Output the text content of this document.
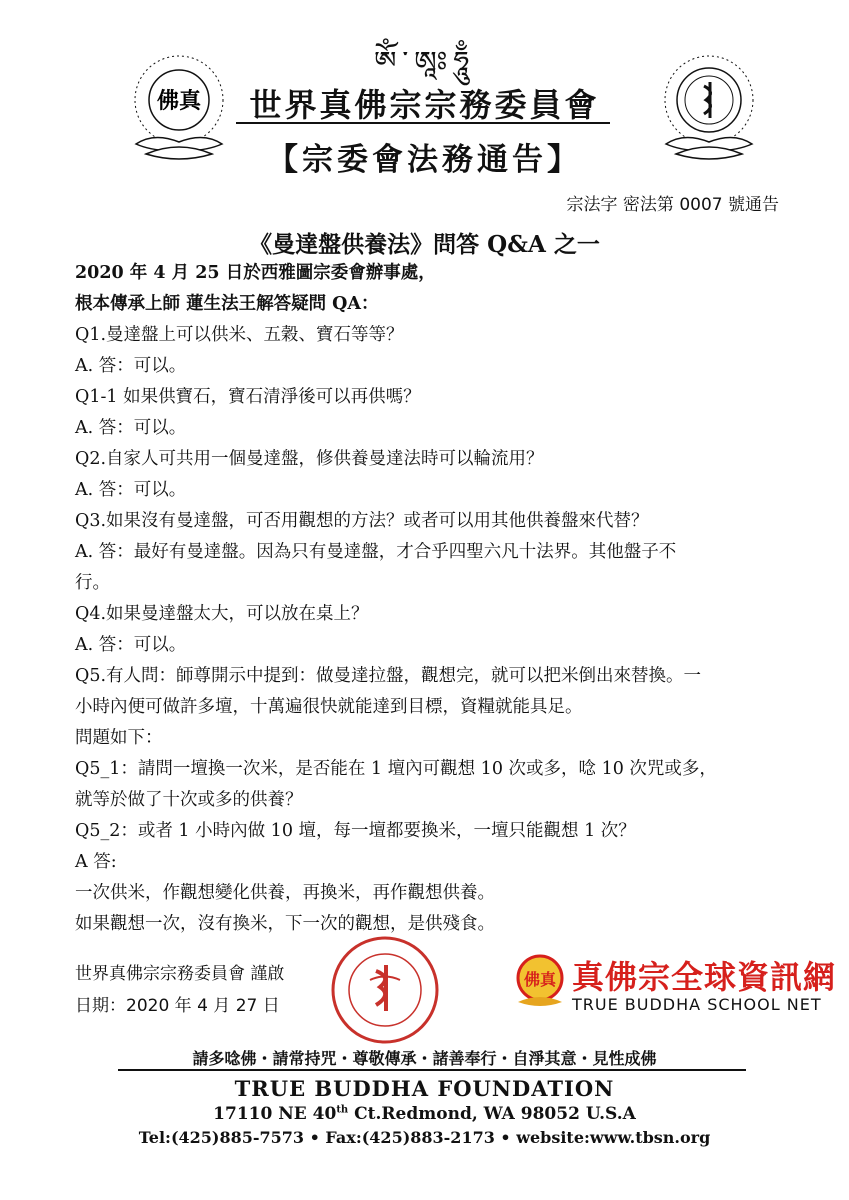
ཨོཾ་ཨཱཿཧཱུྃ
佛真	世界真佛宗宗務委員會
【宗委會法務通告】
宗法字 密法第 0007 號通告
《曼達盤供養法》問答 Q&A 之一
2020 年 4 月 25 日於西雅圖宗委會辦事處，
根本傳承上師 蓮生法王解答疑問 QA：
Q1.曼達盤上可以供米、五穀、寶石等等？
A. 答：可以。
Q1-1 如果供寶石，寶石清淨後可以再供嗎？
A. 答：可以。
Q2.自家人可共用一個曼達盤，修供養曼達法時可以輪流用？
A. 答：可以。
Q3.如果沒有曼達盤，可否用觀想的方法？或者可以用其他供養盤來代替？
A. 答：最好有曼達盤。因為只有曼達盤，才合乎四聖六凡十法界。其他盤子不
行。
Q4.如果曼達盤太大，可以放在桌上？
A. 答：可以。
Q5.有人問：師尊開示中提到：做曼達拉盤，觀想完，就可以把米倒出來替換。一
小時內便可做許多壇，十萬遍很快就能達到目標，資糧就能具足。
問題如下：
Q5_1：請問一壇換一次米，是否能在 1 壇內可觀想 10 次或多，唸 10 次咒或多，
就等於做了十次或多的供養？
Q5_2：或者 1 小時內做 10 壇，每一壇都要換米，一壇只能觀想 1 次？
A 答:
一次供米，作觀想變化供養，再換米，再作觀想供養。
如果觀想一次，沒有換米，下一次的觀想，是供殘食。
世界真佛宗宗務委員會 謹啟
日期：2020 年 4 月 27 日
佛真 真佛宗全球資訊網
TRUE BUDDHA SCHOOL NET
請多唸佛・請常持咒・尊敬傳承・諸善奉行・自淨其意・見性成佛
TRUE BUDDHA FOUNDATION
17110 NE 40th Ct.Redmond, WA 98052 U.S.A
Tel:(425)885-7573 • Fax:(425)883-2173 • website:www.tbsn.org
